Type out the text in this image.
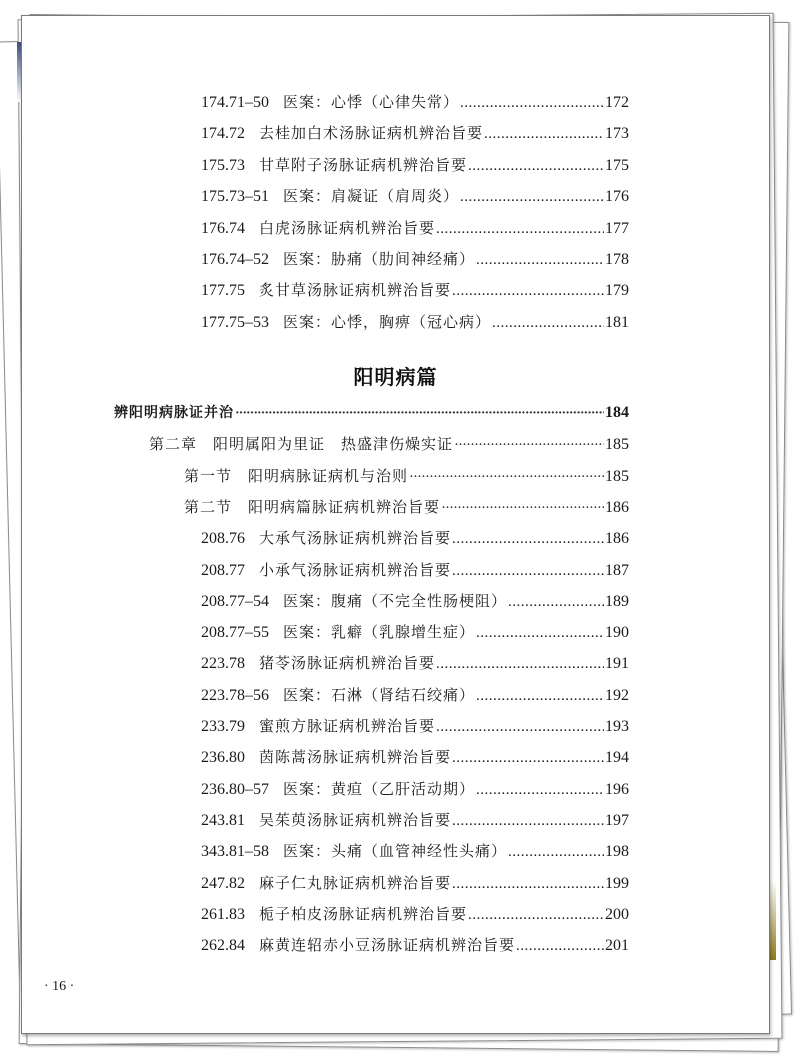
174.71–50 医案：心悸（心律失常） .....	172
174.72 去桂加白术汤脉证病机辨治旨要 .....	173
175.73 甘草附子汤脉证病机辨治旨要 .....	175
175.73–51 医案：肩凝证（肩周炎） .....	176
176.74 白虎汤脉证病机辨治旨要 .....	177
176.74–52 医案：胁痛（肋间神经痛） .....	178
177.75 炙甘草汤脉证病机辨治旨要 .....	179
177.75–53 医案：心悸，胸痹（冠心病） .....	181
阳明病篇
辨阳明病脉证并治 ·····	184
第二章　阳明属阳为里证　热盛津伤燥实证 ·····	185
第一节　阳明病脉证病机与治则 ·····	185
第二节　阳明病篇脉证病机辨治旨要 ·····	186
208.76 大承气汤脉证病机辨治旨要 .....	186
208.77 小承气汤脉证病机辨治旨要 .....	187
208.77–54 医案：腹痛（不完全性肠梗阻） .....	189
208.77–55 医案：乳癖（乳腺增生症） .....	190
223.78 猪苓汤脉证病机辨治旨要 .....	191
223.78–56 医案：石淋（肾结石绞痛） .....	192
233.79 蜜煎方脉证病机辨治旨要 .....	193
236.80 茵陈蒿汤脉证病机辨治旨要 .....	194
236.80–57 医案：黄疸（乙肝活动期） .....	196
243.81 吴茱萸汤脉证病机辨治旨要 .....	197
343.81–58 医案：头痛（血管神经性头痛） .....	198
247.82 麻子仁丸脉证病机辨治旨要 .....	199
261.83 栀子柏皮汤脉证病机辨治旨要 .....	200
262.84 麻黄连轺赤小豆汤脉证病机辨治旨要 .....	201
· 16 ·
